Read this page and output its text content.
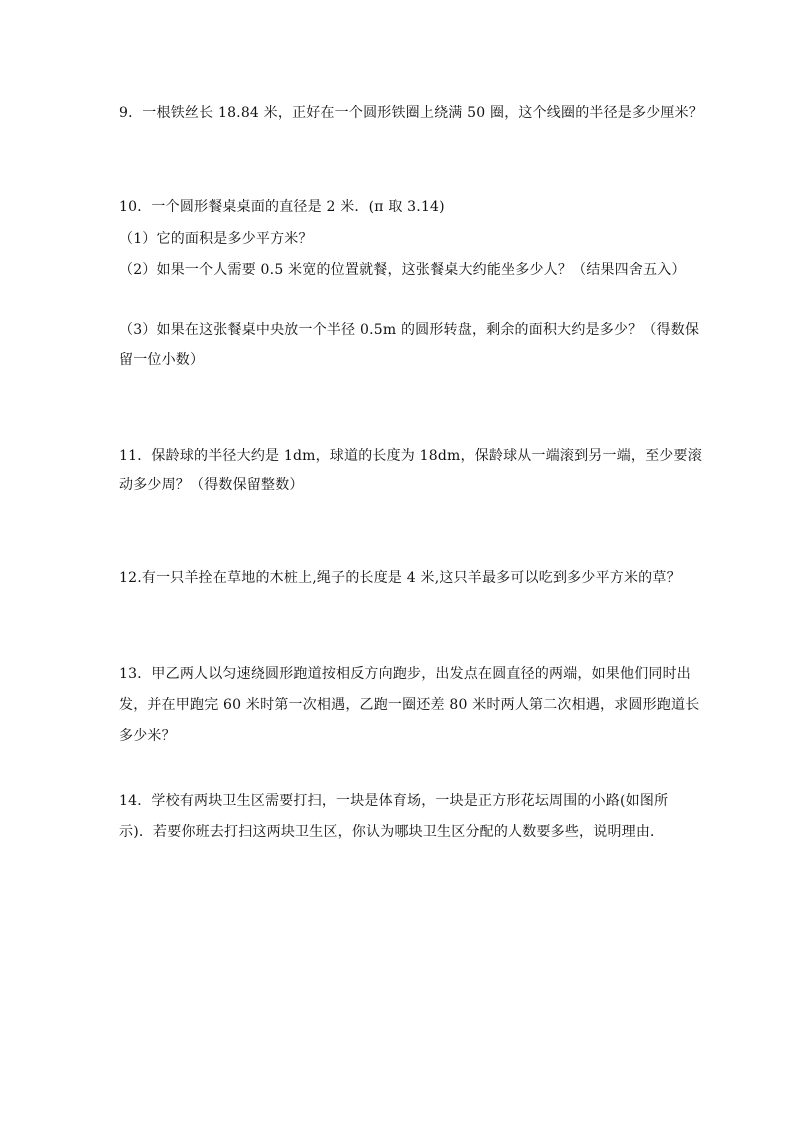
9．一根铁丝长 18.84 米，正好在一个圆形铁圈上绕满 50 圈，这个线圈的半径是多少厘米？
10．一个圆形餐桌桌面的直径是 2 米．(π 取 3.14)
（1）它的面积是多少平方米？
（2）如果一个人需要 0.5 米宽的位置就餐，这张餐桌大约能坐多少人？（结果四舍五入）
（3）如果在这张餐桌中央放一个半径 0.5m 的圆形转盘，剩余的面积大约是多少？（得数保
留一位小数）
11．保龄球的半径大约是 1dm，球道的长度为 18dm，保龄球从一端滚到另一端，至少要滚
动多少周？（得数保留整数）
12.有一只羊拴在草地的木桩上,绳子的长度是 4 米,这只羊最多可以吃到多少平方米的草？
13．甲乙两人以匀速绕圆形跑道按相反方向跑步，出发点在圆直径的两端，如果他们同时出
发，并在甲跑完 60 米时第一次相遇，乙跑一圈还差 80 米时两人第二次相遇，求圆形跑道长
多少米？
14．学校有两块卫生区需要打扫，一块是体育场，一块是正方形花坛周围的小路(如图所
示)．若要你班去打扫这两块卫生区，你认为哪块卫生区分配的人数要多些，说明理由．
